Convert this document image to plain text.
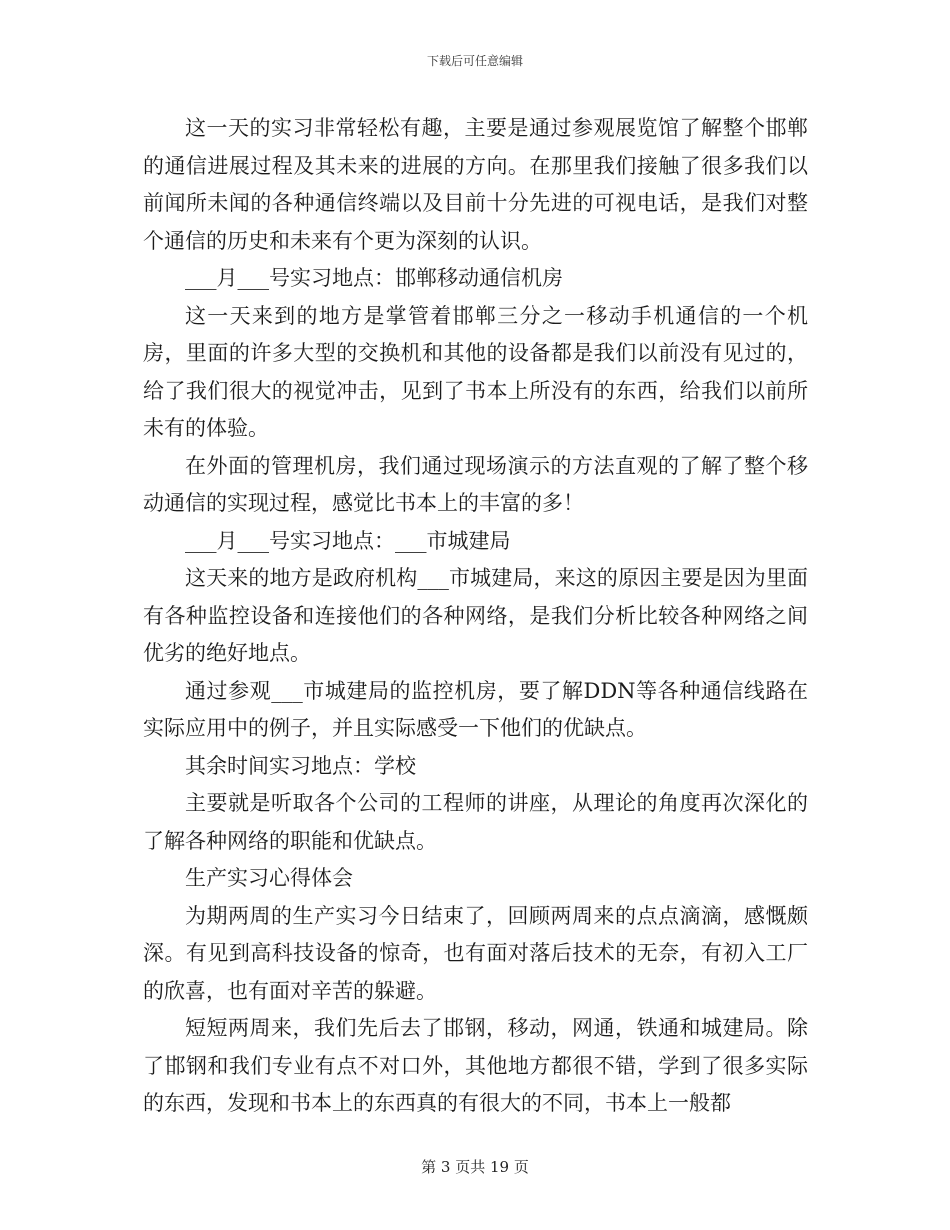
下载后可任意编辑

这一天的实习非常轻松有趣，主要是通过参观展览馆了解整个邯郸的通信进展过程及其未来的进展的方向。在那里我们接触了很多我们以前闻所未闻的各种通信终端以及目前十分先进的可视电话，是我们对整个通信的历史和未来有个更为深刻的认识。

___月___号实习地点：邯郸移动通信机房

这一天来到的地方是掌管着邯郸三分之一移动手机通信的一个机房，里面的许多大型的交换机和其他的设备都是我们以前没有见过的，给了我们很大的视觉冲击，见到了书本上所没有的东西，给我们以前所未有的体验。

在外面的管理机房，我们通过现场演示的方法直观的了解了整个移动通信的实现过程，感觉比书本上的丰富的多！

___月___号实习地点：___市城建局

这天来的地方是政府机构___市城建局，来这的原因主要是因为里面有各种监控设备和连接他们的各种网络，是我们分析比较各种网络之间优劣的绝好地点。

通过参观___市城建局的监控机房，要了解DDN等各种通信线路在实际应用中的例子，并且实际感受一下他们的优缺点。

其余时间实习地点：学校

主要就是听取各个公司的工程师的讲座，从理论的角度再次深化的了解各种网络的职能和优缺点。

生产实习心得体会

为期两周的生产实习今日结束了，回顾两周来的点点滴滴，感慨颇深。有见到高科技设备的惊奇，也有面对落后技术的无奈，有初入工厂的欣喜，也有面对辛苦的躲避。

短短两周来，我们先后去了邯钢，移动，网通，铁通和城建局。除了邯钢和我们专业有点不对口外，其他地方都很不错，学到了很多实际的东西，发现和书本上的东西真的有很大的不同，书本上一般都

第 3 页共 19 页
